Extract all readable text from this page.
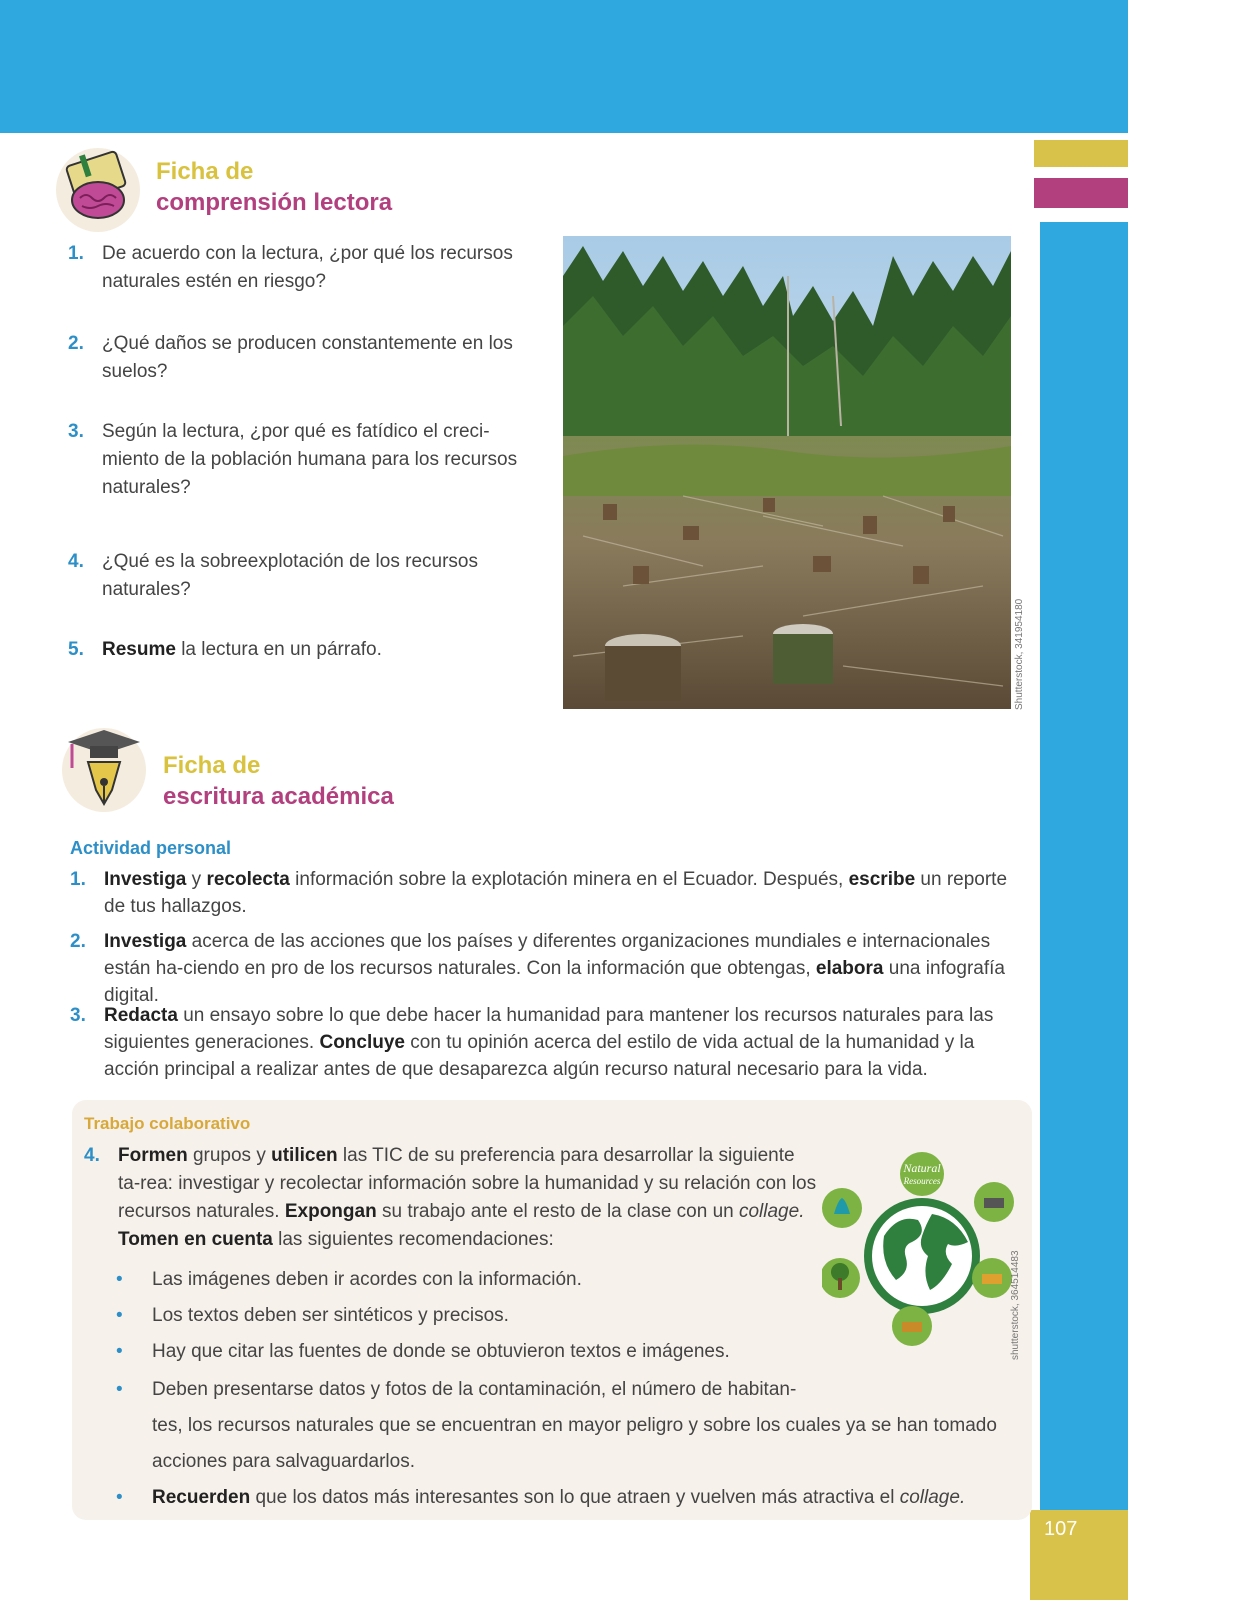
107
Ficha de
comprensión lectora
1. De acuerdo con la lectura, ¿por qué los recursos naturales estén en riesgo?
2. ¿Qué daños se producen constantemente en los suelos?
3. Según la lectura, ¿por qué es fatídico el creci-miento de la población humana para los recursos naturales?
4. ¿Qué es la sobreexplotación de los recursos naturales?
5. Resume la lectura en un párrafo.	Shutterstock, 341954180
Ficha de
escritura académica
Actividad personal
1. Investiga y recolecta información sobre la explotación minera en el Ecuador. Después, escribe un reporte de tus hallazgos.
2. Investiga acerca de las acciones que los países y diferentes organizaciones mundiales e internacionales están ha-ciendo en pro de los recursos naturales. Con la información que obtengas, elabora una infografía digital.
3. Redacta un ensayo sobre lo que debe hacer la humanidad para mantener los recursos naturales para las siguientes generaciones. Concluye con tu opinión acerca del estilo de vida actual de la humanidad y la acción principal a realizar antes de que desaparezca algún recurso natural necesario para la vida.
Trabajo colaborativo
4. Formen grupos y utilicen las TIC de su preferencia para desarrollar la siguiente ta-rea: investigar y recolectar información sobre la humanidad y su relación con los recursos naturales. Expongan su trabajo ante el resto de la clase con un collage. Tomen en cuenta las siguientes recomendaciones:
•	Las imágenes deben ir acordes con la información.
•	Los textos deben ser sintéticos y precisos.
•	Hay que citar las fuentes de donde se obtuvieron textos e imágenes.
•	Deben presentarse datos y fotos de la contaminación, el número de habitan-
tes, los recursos naturales que se encuentran en mayor peligro y sobre los cuales ya se han tomado
acciones para salvaguardarlos.
•	Recuerden que los datos más interesantes son lo que atraen y vuelven más atractiva el collage.
Natural
Resources
shutterstock, 364514483
